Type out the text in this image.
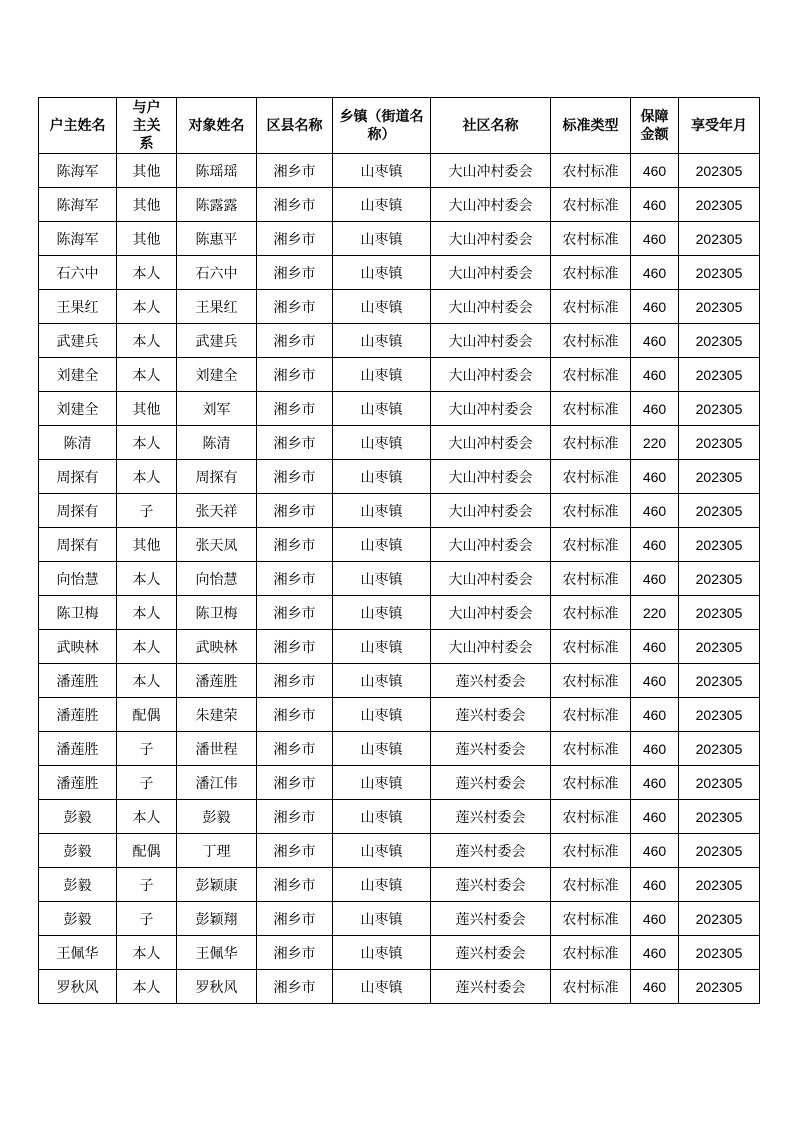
户主姓名	与户主关系	对象姓名	区县名称	乡镇（街道名称）	社区名称	标准类型	保障金额	享受年月
陈海军	其他	陈瑶瑶	湘乡市	山枣镇	大山冲村委会	农村标准	460	202305
陈海军	其他	陈露露	湘乡市	山枣镇	大山冲村委会	农村标准	460	202305
陈海军	其他	陈惠平	湘乡市	山枣镇	大山冲村委会	农村标准	460	202305
石六中	本人	石六中	湘乡市	山枣镇	大山冲村委会	农村标准	460	202305
王果红	本人	王果红	湘乡市	山枣镇	大山冲村委会	农村标准	460	202305
武建兵	本人	武建兵	湘乡市	山枣镇	大山冲村委会	农村标准	460	202305
刘建全	本人	刘建全	湘乡市	山枣镇	大山冲村委会	农村标准	460	202305
刘建全	其他	刘军	湘乡市	山枣镇	大山冲村委会	农村标准	460	202305
陈清	本人	陈清	湘乡市	山枣镇	大山冲村委会	农村标准	220	202305
周探有	本人	周探有	湘乡市	山枣镇	大山冲村委会	农村标准	460	202305
周探有	子	张天祥	湘乡市	山枣镇	大山冲村委会	农村标准	460	202305
周探有	其他	张天凤	湘乡市	山枣镇	大山冲村委会	农村标准	460	202305
向怡慧	本人	向怡慧	湘乡市	山枣镇	大山冲村委会	农村标准	460	202305
陈卫梅	本人	陈卫梅	湘乡市	山枣镇	大山冲村委会	农村标准	220	202305
武映林	本人	武映林	湘乡市	山枣镇	大山冲村委会	农村标准	460	202305
潘莲胜	本人	潘莲胜	湘乡市	山枣镇	莲兴村委会	农村标准	460	202305
潘莲胜	配偶	朱建荣	湘乡市	山枣镇	莲兴村委会	农村标准	460	202305
潘莲胜	子	潘世程	湘乡市	山枣镇	莲兴村委会	农村标准	460	202305
潘莲胜	子	潘江伟	湘乡市	山枣镇	莲兴村委会	农村标准	460	202305
彭毅	本人	彭毅	湘乡市	山枣镇	莲兴村委会	农村标准	460	202305
彭毅	配偶	丁理	湘乡市	山枣镇	莲兴村委会	农村标准	460	202305
彭毅	子	彭颖康	湘乡市	山枣镇	莲兴村委会	农村标准	460	202305
彭毅	子	彭颖翔	湘乡市	山枣镇	莲兴村委会	农村标准	460	202305
王佩华	本人	王佩华	湘乡市	山枣镇	莲兴村委会	农村标准	460	202305
罗秋风	本人	罗秋风	湘乡市	山枣镇	莲兴村委会	农村标准	460	202305
